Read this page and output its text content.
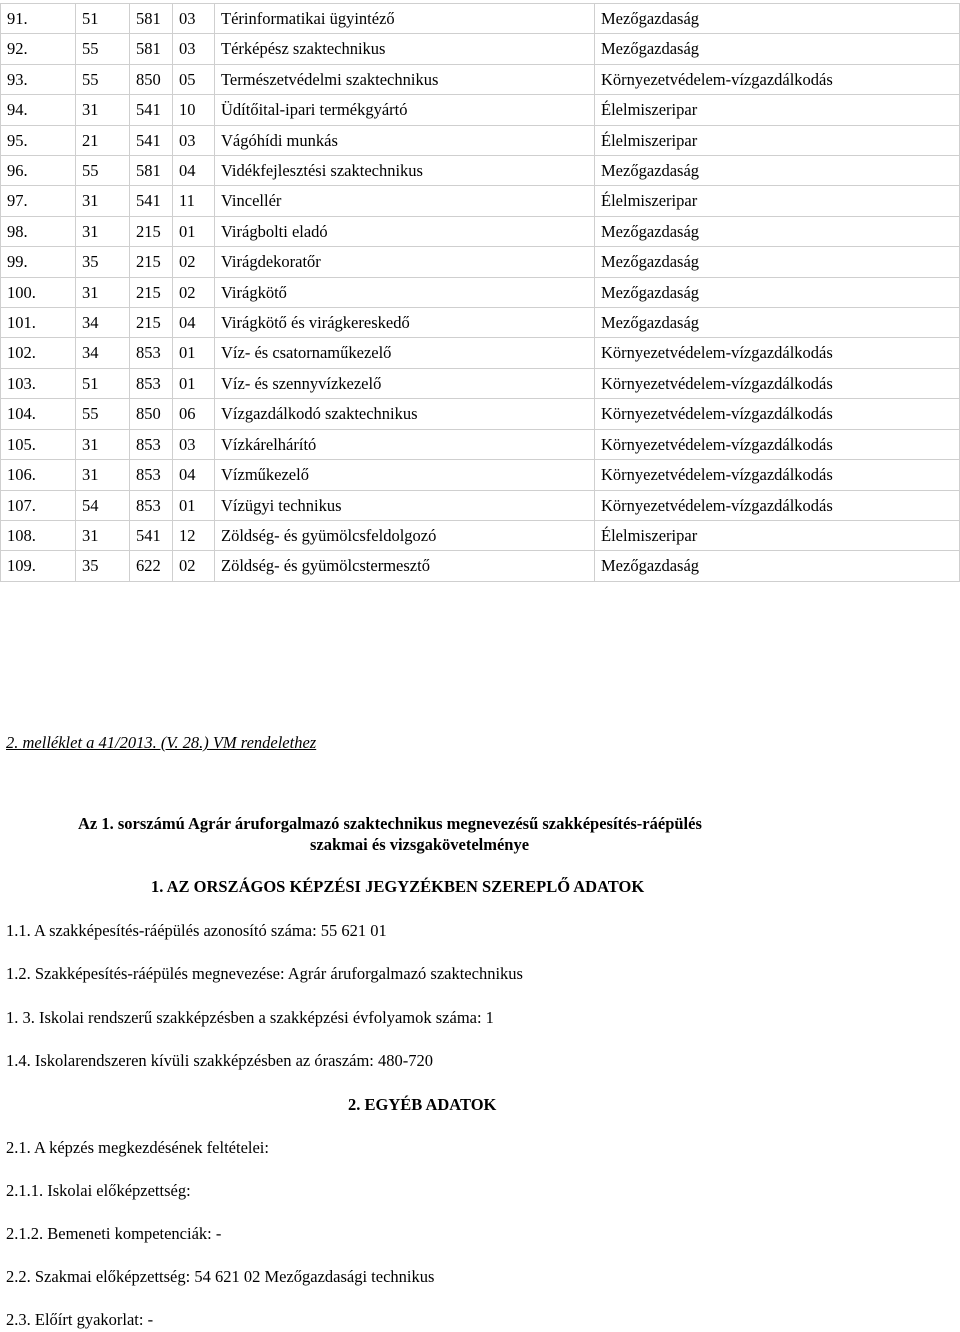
91.	51	581	03	Térinformatikai ügyintéző	Mezőgazdaság
92.	55	581	03	Térképész szaktechnikus	Mezőgazdaság
93.	55	850	05	Természetvédelmi szaktechnikus	Környezetvédelem-vízgazdálkodás
94.	31	541	10	Üdítőital-ipari termékgyártó	Élelmiszeripar
95.	21	541	03	Vágóhídi munkás	Élelmiszeripar
96.	55	581	04	Vidékfejlesztési szaktechnikus	Mezőgazdaság
97.	31	541	11	Vincellér	Élelmiszeripar
98.	31	215	01	Virágbolti eladó	Mezőgazdaság
99.	35	215	02	Virágdekoratőr	Mezőgazdaság
100.	31	215	02	Virágkötő	Mezőgazdaság
101.	34	215	04	Virágkötő és virágkereskedő	Mezőgazdaság
102.	34	853	01	Víz- és csatornaműkezelő	Környezetvédelem-vízgazdálkodás
103.	51	853	01	Víz- és szennyvízkezelő	Környezetvédelem-vízgazdálkodás
104.	55	850	06	Vízgazdálkodó szaktechnikus	Környezetvédelem-vízgazdálkodás
105.	31	853	03	Vízkárelhárító	Környezetvédelem-vízgazdálkodás
106.	31	853	04	Vízműkezelő	Környezetvédelem-vízgazdálkodás
107.	54	853	01	Vízügyi technikus	Környezetvédelem-vízgazdálkodás
108.	31	541	12	Zöldség- és gyümölcsfeldolgozó	Élelmiszeripar
109.	35	622	02	Zöldség- és gyümölcstermesztő	Mezőgazdaság
2. melléklet a 41/2013. (V. 28.) VM rendelethez
Az 1. sorszámú Agrár áruforgalmazó szaktechnikus megnevezésű szakképesítés-ráépülés
szakmai és vizsgakövetelménye
1. AZ ORSZÁGOS KÉPZÉSI JEGYZÉKBEN SZEREPLŐ ADATOK
1.1. A szakképesítés-ráépülés azonosító száma: 55 621 01
1.2. Szakképesítés-ráépülés megnevezése: Agrár áruforgalmazó szaktechnikus
1. 3. Iskolai rendszerű szakképzésben a szakképzési évfolyamok száma: 1
1.4. Iskolarendszeren kívüli szakképzésben az óraszám: 480-720
2. EGYÉB ADATOK
2.1. A képzés megkezdésének feltételei:
2.1.1. Iskolai előképzettség:
2.1.2. Bemeneti kompetenciák: -
2.2. Szakmai előképzettség: 54 621 02 Mezőgazdasági technikus
2.3. Előírt gyakorlat: -
